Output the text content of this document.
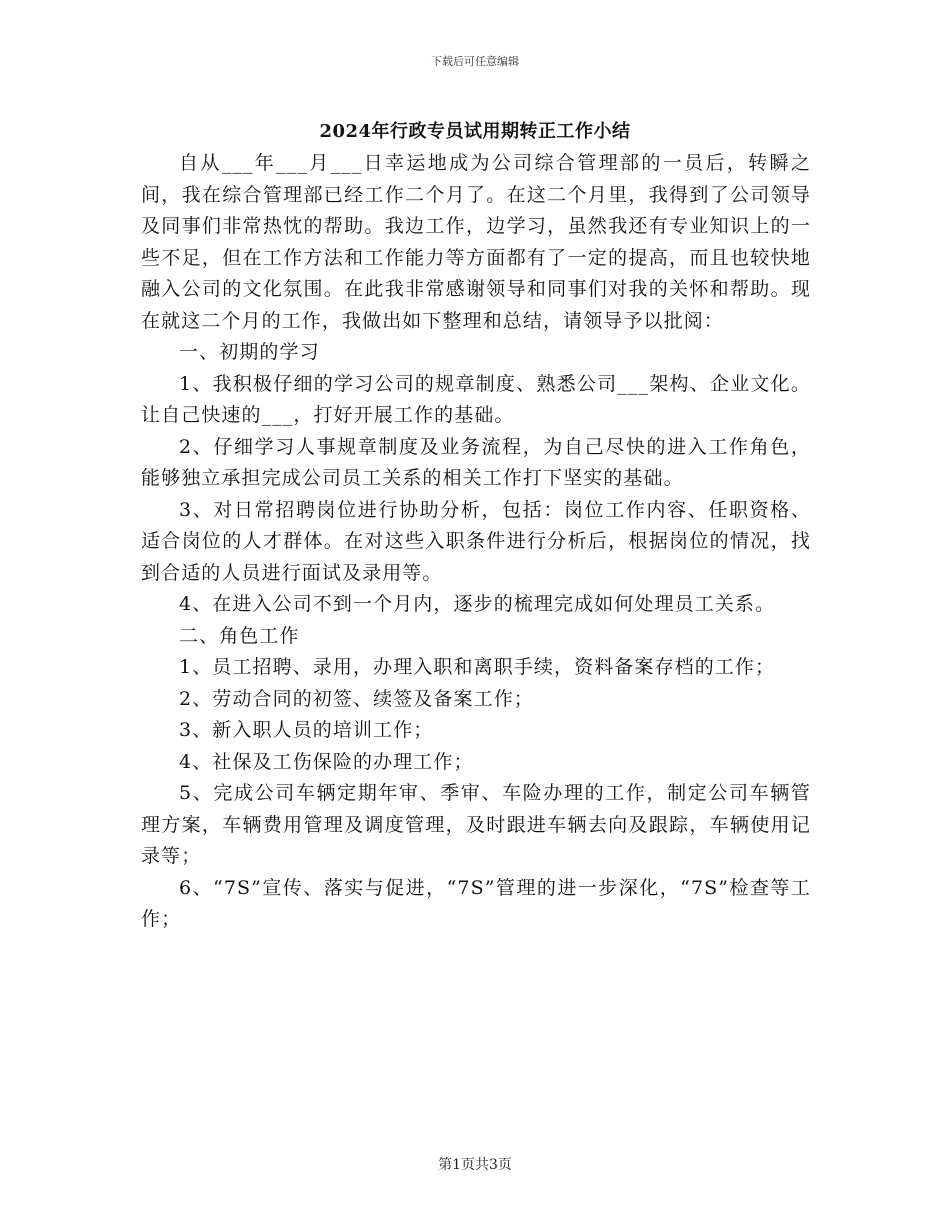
下载后可任意编辑
2024年行政专员试用期转正工作小结

自从___年___月___日幸运地成为公司综合管理部的一员后，转瞬之间，我在综合管理部已经工作二个月了。在这二个月里，我得到了公司领导及同事们非常热忱的帮助。我边工作，边学习，虽然我还有专业知识上的一些不足，但在工作方法和工作能力等方面都有了一定的提高，而且也较快地融入公司的文化氛围。在此我非常感谢领导和同事们对我的关怀和帮助。现在就这二个月的工作，我做出如下整理和总结，请领导予以批阅：

一、初期的学习

1、我积极仔细的学习公司的规章制度、熟悉公司___架构、企业文化。让自己快速的___，打好开展工作的基础。

2、仔细学习人事规章制度及业务流程，为自己尽快的进入工作角色，能够独立承担完成公司员工关系的相关工作打下坚实的基础。

3、对日常招聘岗位进行协助分析，包括：岗位工作内容、任职资格、适合岗位的人才群体。在对这些入职条件进行分析后，根据岗位的情况，找到合适的人员进行面试及录用等。

4、在进入公司不到一个月内，逐步的梳理完成如何处理员工关系。

二、角色工作

1、员工招聘、录用，办理入职和离职手续，资料备案存档的工作；

2、劳动合同的初签、续签及备案工作；

3、新入职人员的培训工作；

4、社保及工伤保险的办理工作；

5、完成公司车辆定期年审、季审、车险办理的工作，制定公司车辆管理方案，车辆费用管理及调度管理，及时跟进车辆去向及跟踪，车辆使用记录等；

6、“7S”宣传、落实与促进，“7S”管理的进一步深化，“7S”检查等工作；

第1页共3页
